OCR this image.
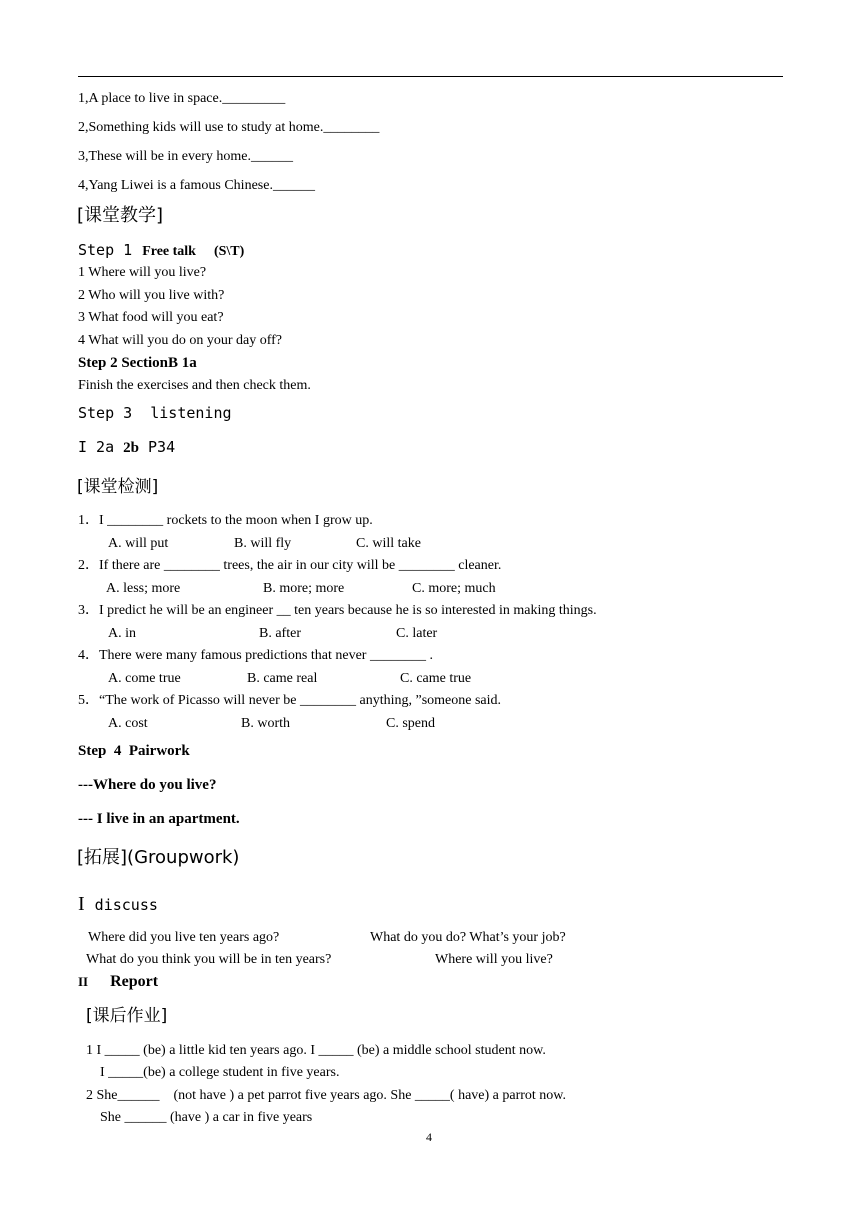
1,A place to live in space._________
2,Something kids will use to study at home.________
3,These will be in every home.______
4,Yang Liwei is a famous Chinese.______
[课堂教学]
Step 1 Free talk (S\T)
1 Where will you live?
2 Who will you live with?
3 What food will you eat?
4 What will you do on your day off?
Step 2 SectionB 1a
Finish the exercises and then check them.
Step 3  listening
I 2a 2b P34
[课堂检测]
1．I ________ rockets to the moon when I grow up.
A. will put	B. will fly	C. will take
2．If there are ________ trees, the air in our city will be ________ cleaner.
A. less; more	B. more; more	C. more; much
3．I predict he will be an engineer __ ten years because he is so interested in making things.
A. in	B. after	C. later
4．There were many famous predictions that never ________ .
A. come true	B. came real	C. came true
5．“The work of Picasso will never be ________ anything, ”someone said.
A. cost	B. worth	C. spend
Step  4  Pairwork
---Where do you live?
--- I live in an apartment.
[拓展](Groupwork)
I discuss
Where did you live ten years ago?	What do you do? What’s your job?
What do you think you will be in ten years?	Where will you live?
II Report
[课后作业]
1 I _____ (be) a little kid ten years ago. I _____ (be) a middle school student now.
I _____(be) a college student in five years.
2 She______    (not have ) a pet parrot five years ago. She _____( have) a parrot now.
She ______ (have ) a car in five years
4
